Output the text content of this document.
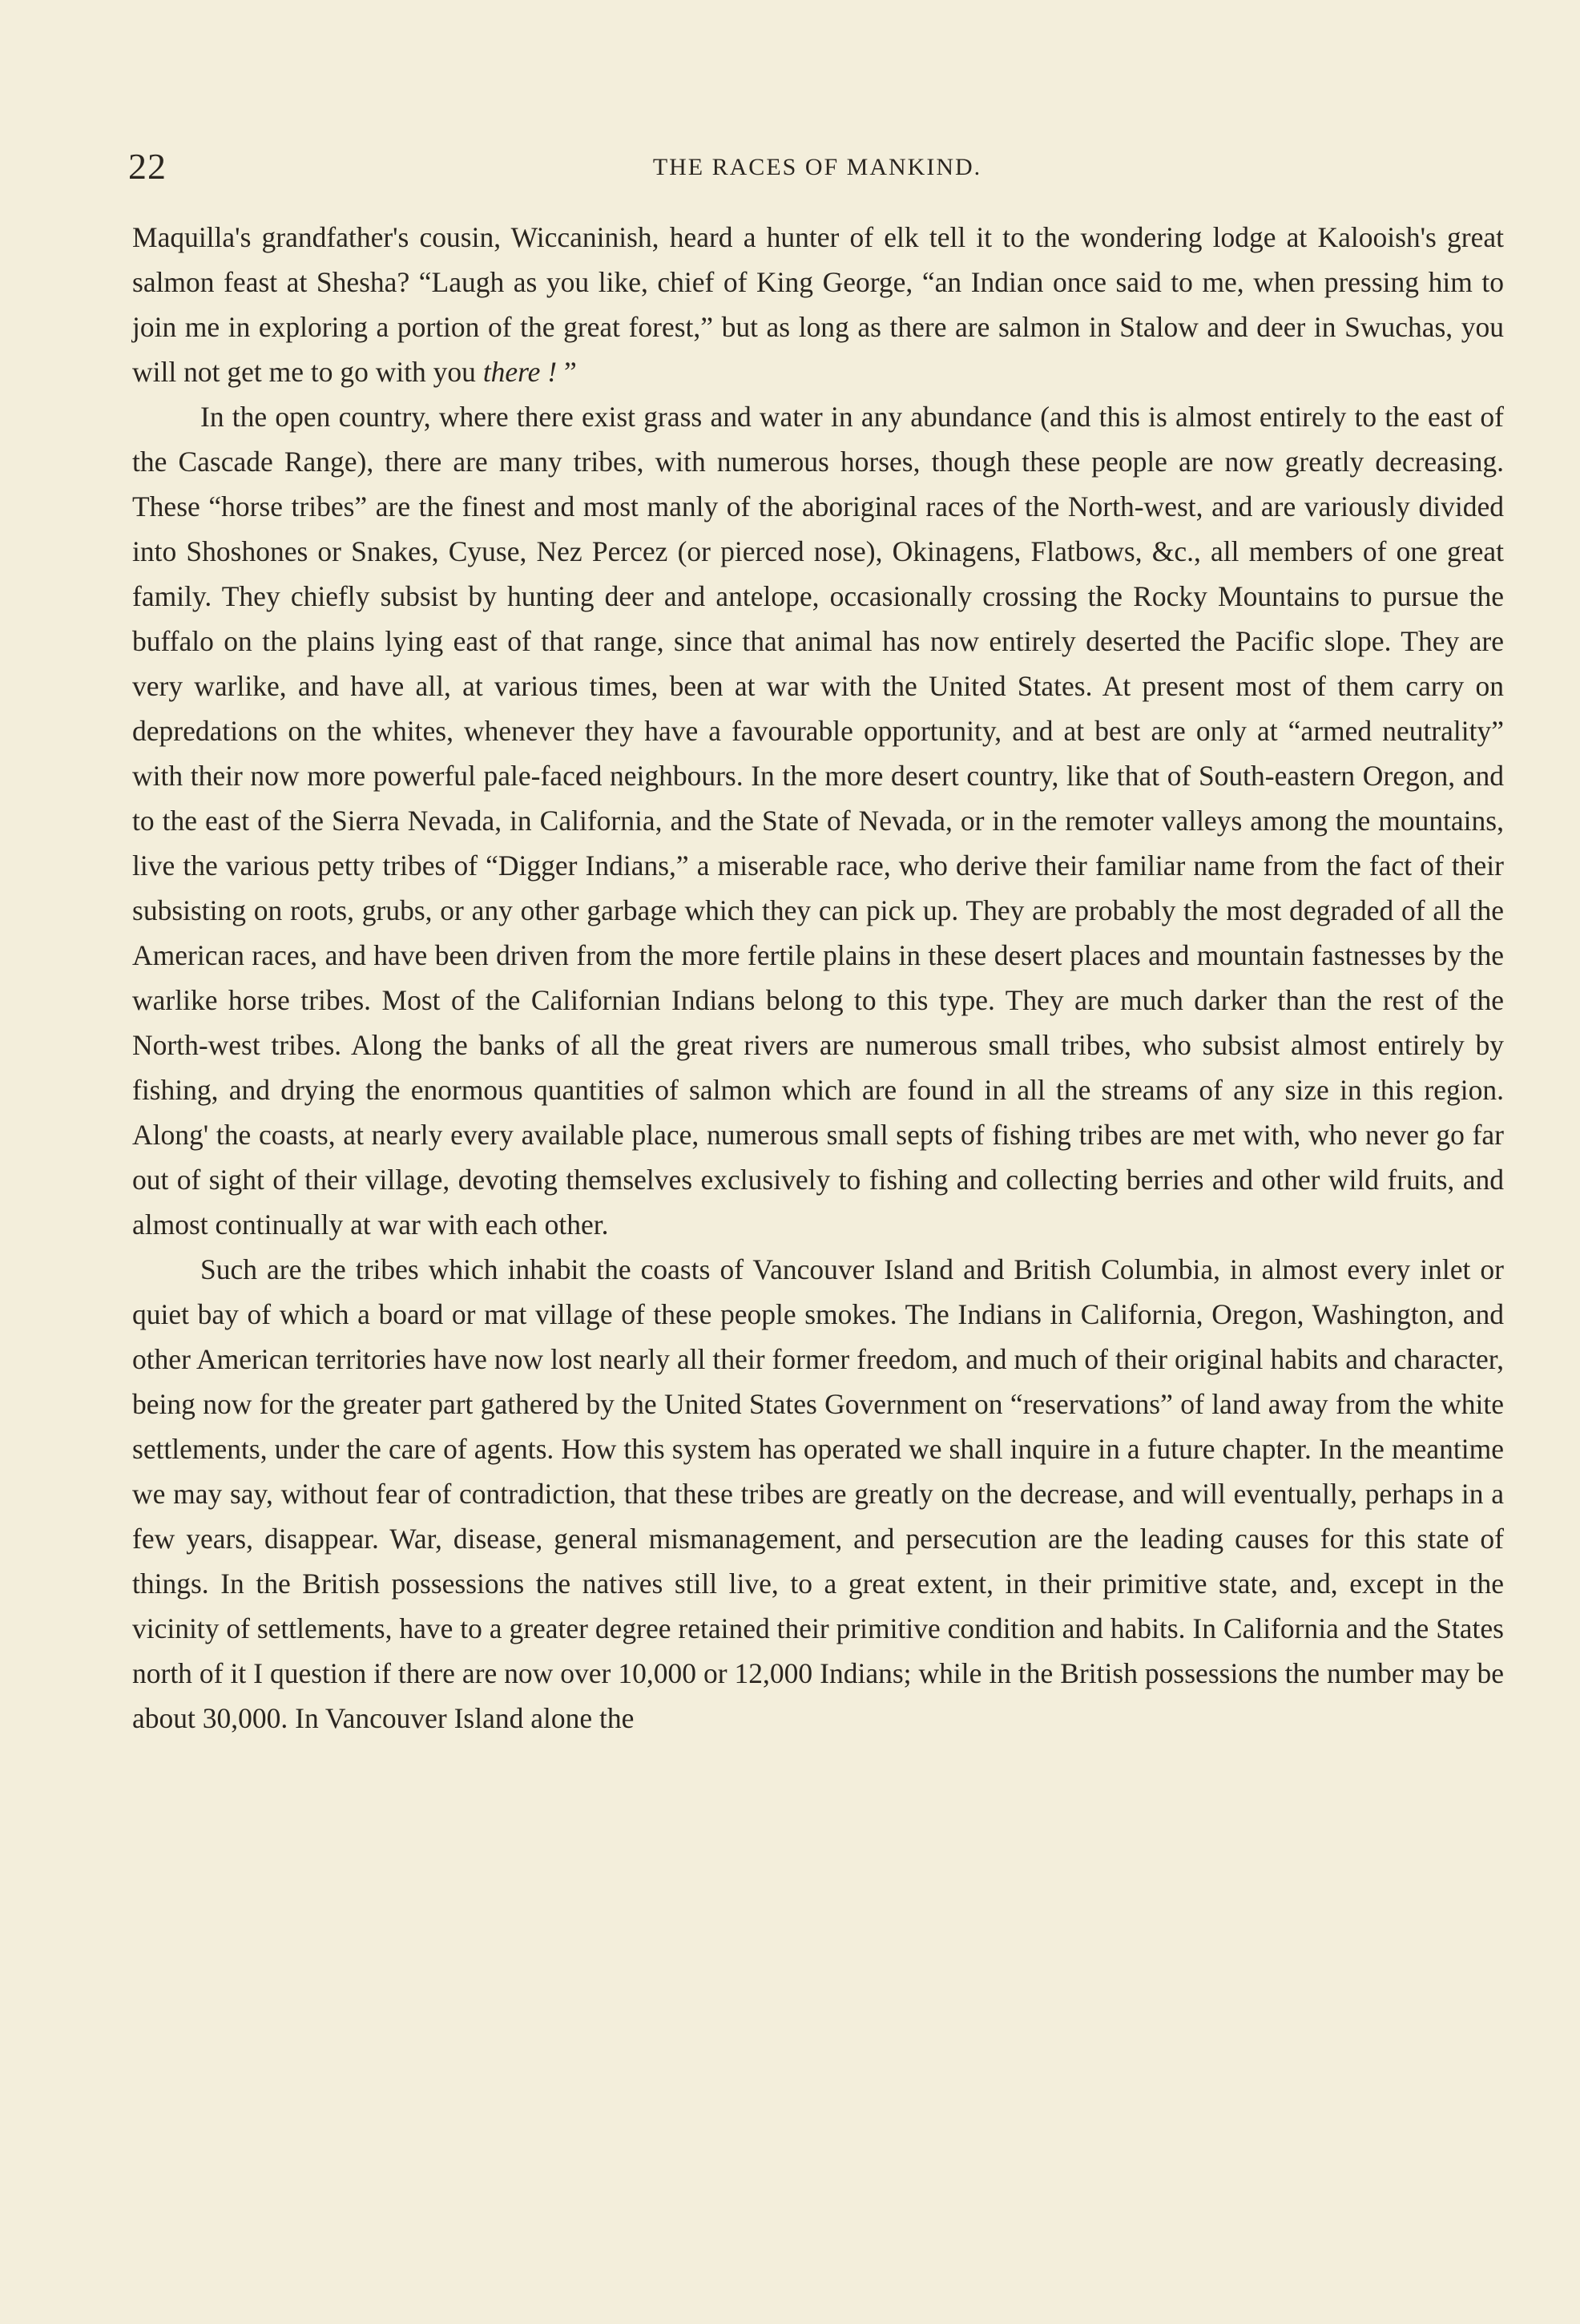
22	THE RACES OF MANKIND.

Maquilla's grandfather's cousin, Wiccaninish, heard a hunter of elk tell it to the wondering lodge at Kalooish's great salmon feast at Shesha? “Laugh as you like, chief of King George, “an Indian once said to me, when pressing him to join me in exploring a portion of the great forest,” but as long as there are salmon in Stalow and deer in Swuchas, you will not get me to go with you there ! ”

In the open country, where there exist grass and water in any abundance (and this is almost entirely to the east of the Cascade Range), there are many tribes, with numerous horses, though these people are now greatly decreasing. These “horse tribes” are the finest and most manly of the aboriginal races of the North-west, and are variously divided into Shoshones or Snakes, Cyuse, Nez Percez (or pierced nose), Okinagens, Flatbows, &c., all members of one great family. They chiefly subsist by hunting deer and antelope, occasionally crossing the Rocky Mountains to pursue the buffalo on the plains lying east of that range, since that animal has now entirely deserted the Pacific slope. They are very warlike, and have all, at various times, been at war with the United States. At present most of them carry on depredations on the whites, whenever they have a favourable opportunity, and at best are only at “armed neutrality” with their now more powerful pale-faced neighbours. In the more desert country, like that of South-eastern Oregon, and to the east of the Sierra Nevada, in California, and the State of Nevada, or in the remoter valleys among the mountains, live the various petty tribes of “Digger Indians,” a miserable race, who derive their familiar name from the fact of their subsisting on roots, grubs, or any other garbage which they can pick up. They are probably the most degraded of all the American races, and have been driven from the more fertile plains in these desert places and mountain fastnesses by the warlike horse tribes. Most of the Californian Indians belong to this type. They are much darker than the rest of the North-west tribes. Along the banks of all the great rivers are numerous small tribes, who subsist almost entirely by fishing, and drying the enormous quantities of salmon which are found in all the streams of any size in this region. Along' the coasts, at nearly every available place, numerous small septs of fishing tribes are met with, who never go far out of sight of their village, devoting themselves exclusively to fishing and collecting berries and other wild fruits, and almost continually at war with each other.

Such are the tribes which inhabit the coasts of Vancouver Island and British Columbia, in almost every inlet or quiet bay of which a board or mat village of these people smokes. The Indians in California, Oregon, Washington, and other American territories have now lost nearly all their former freedom, and much of their original habits and character, being now for the greater part gathered by the United States Government on “reservations” of land away from the white settlements, under the care of agents. How this system has operated we shall inquire in a future chapter. In the meantime we may say, without fear of contradiction, that these tribes are greatly on the decrease, and will eventually, perhaps in a few years, disappear. War, disease, general mismanagement, and persecution are the leading causes for this state of things. In the British possessions the natives still live, to a great extent, in their primitive state, and, except in the vicinity of settlements, have to a greater degree retained their primitive condition and habits. In California and the States north of it I question if there are now over 10,000 or 12,000 Indians; while in the British possessions the number may be about 30,000. In Vancouver Island alone the
